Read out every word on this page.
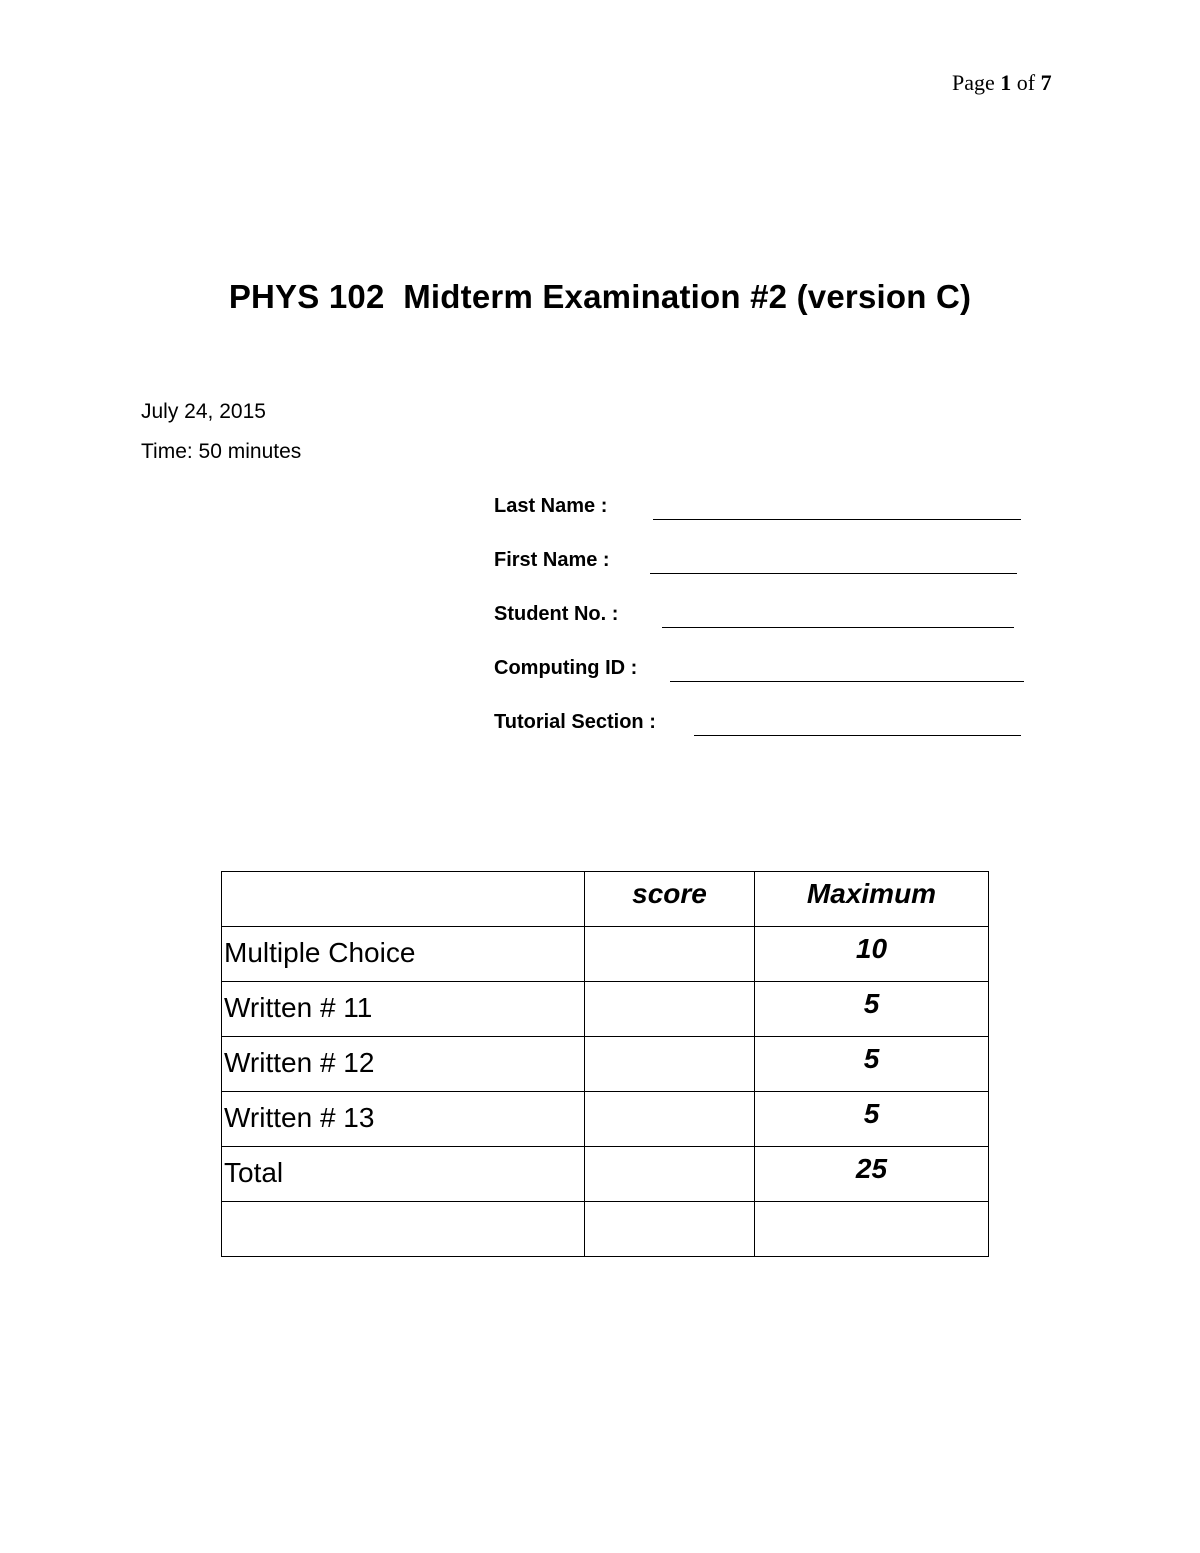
Page 1 of 7
PHYS 102  Midterm Examination #2 (version C)
July 24, 2015
Time: 50 minutes
Last Name :
First Name :
Student No. :
Computing ID :
Tutorial Section :
	score	Maximum
Multiple Choice		10
Written # 11		5
Written # 12		5
Written # 13		5
Total		25
